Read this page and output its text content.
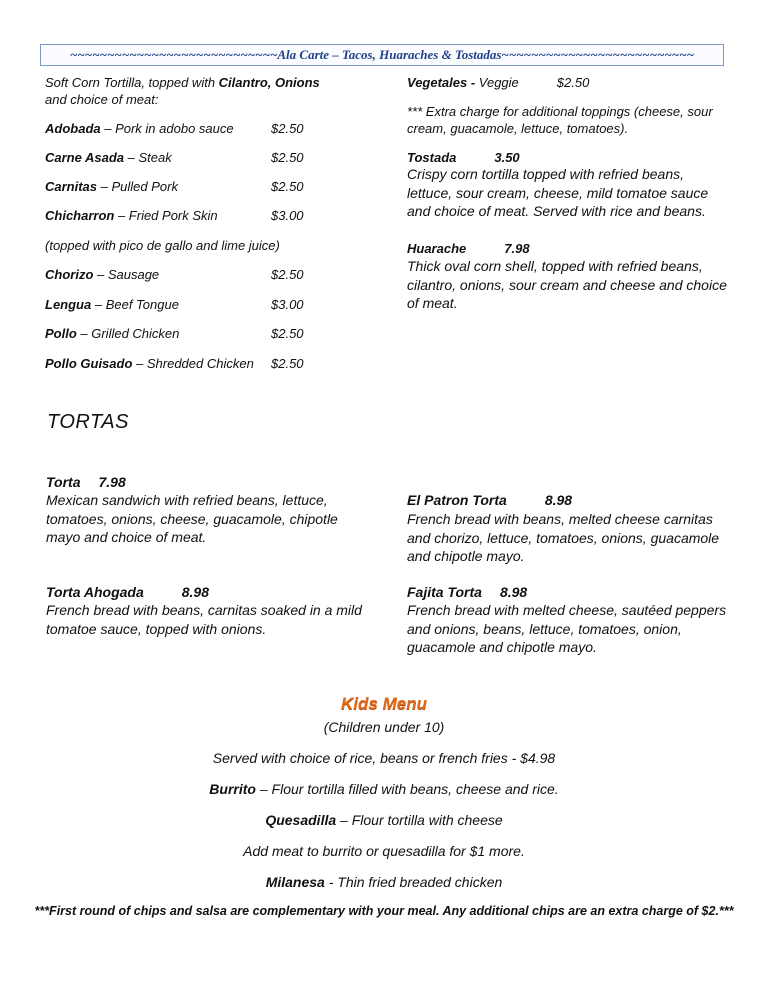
~~~~~~~~~~~~~~~~~~~~~~~~~~~~Ala Carte – Tacos, Huaraches & Tostadas~~~~~~~~~~~~~~~~~~~~~~~~~~
Soft Corn Tortilla, topped with Cilantro, Onions and choice of meat:
Adobada – Pork in adobo sauce	$2.50
Carne Asada – Steak	$2.50
Carnitas – Pulled Pork	$2.50
Chicharron – Fried Pork Skin	$3.00
(topped with pico de gallo and lime juice)
Chorizo – Sausage	$2.50
Lengua – Beef Tongue	$3.00
Pollo – Grilled Chicken	$2.50
Pollo Guisado – Shredded Chicken $2.50
Vegetales - Veggie	$2.50
*** Extra charge for additional toppings (cheese, sour cream, guacamole, lettuce, tomatoes).
Tostada	3.50
Crispy corn tortilla topped with refried beans, lettuce, sour cream, cheese, mild tomatoe sauce and choice of meat. Served with rice and beans.
Huarache	7.98
Thick oval corn shell, topped with refried beans, cilantro, onions, sour cream and cheese and choice of meat.
TORTAS
Torta 7.98
Mexican sandwich with refried beans, lettuce, tomatoes, onions, cheese, guacamole, chipotle mayo and choice of meat.
Torta Ahogada	8.98
French bread with beans, carnitas soaked in a mild tomatoe sauce, topped with onions.
El Patron Torta	8.98
French bread with beans, melted cheese carnitas and chorizo, lettuce, tomatoes, onions, guacamole and chipotle mayo.
Fajita Torta 8.98
French bread with melted cheese, sautéed peppers and onions, beans, lettuce, tomatoes, onion, guacamole and chipotle mayo.
Kids Menu
(Children under 10)
Served with choice of rice, beans or french fries - $4.98
Burrito – Flour tortilla filled with beans, cheese and rice.
Quesadilla – Flour tortilla with cheese
Add meat to burrito or quesadilla for $1 more.
Milanesa - Thin fried breaded chicken
***First round of chips and salsa are complementary with your meal. Any additional chips are an extra charge of $2.***
